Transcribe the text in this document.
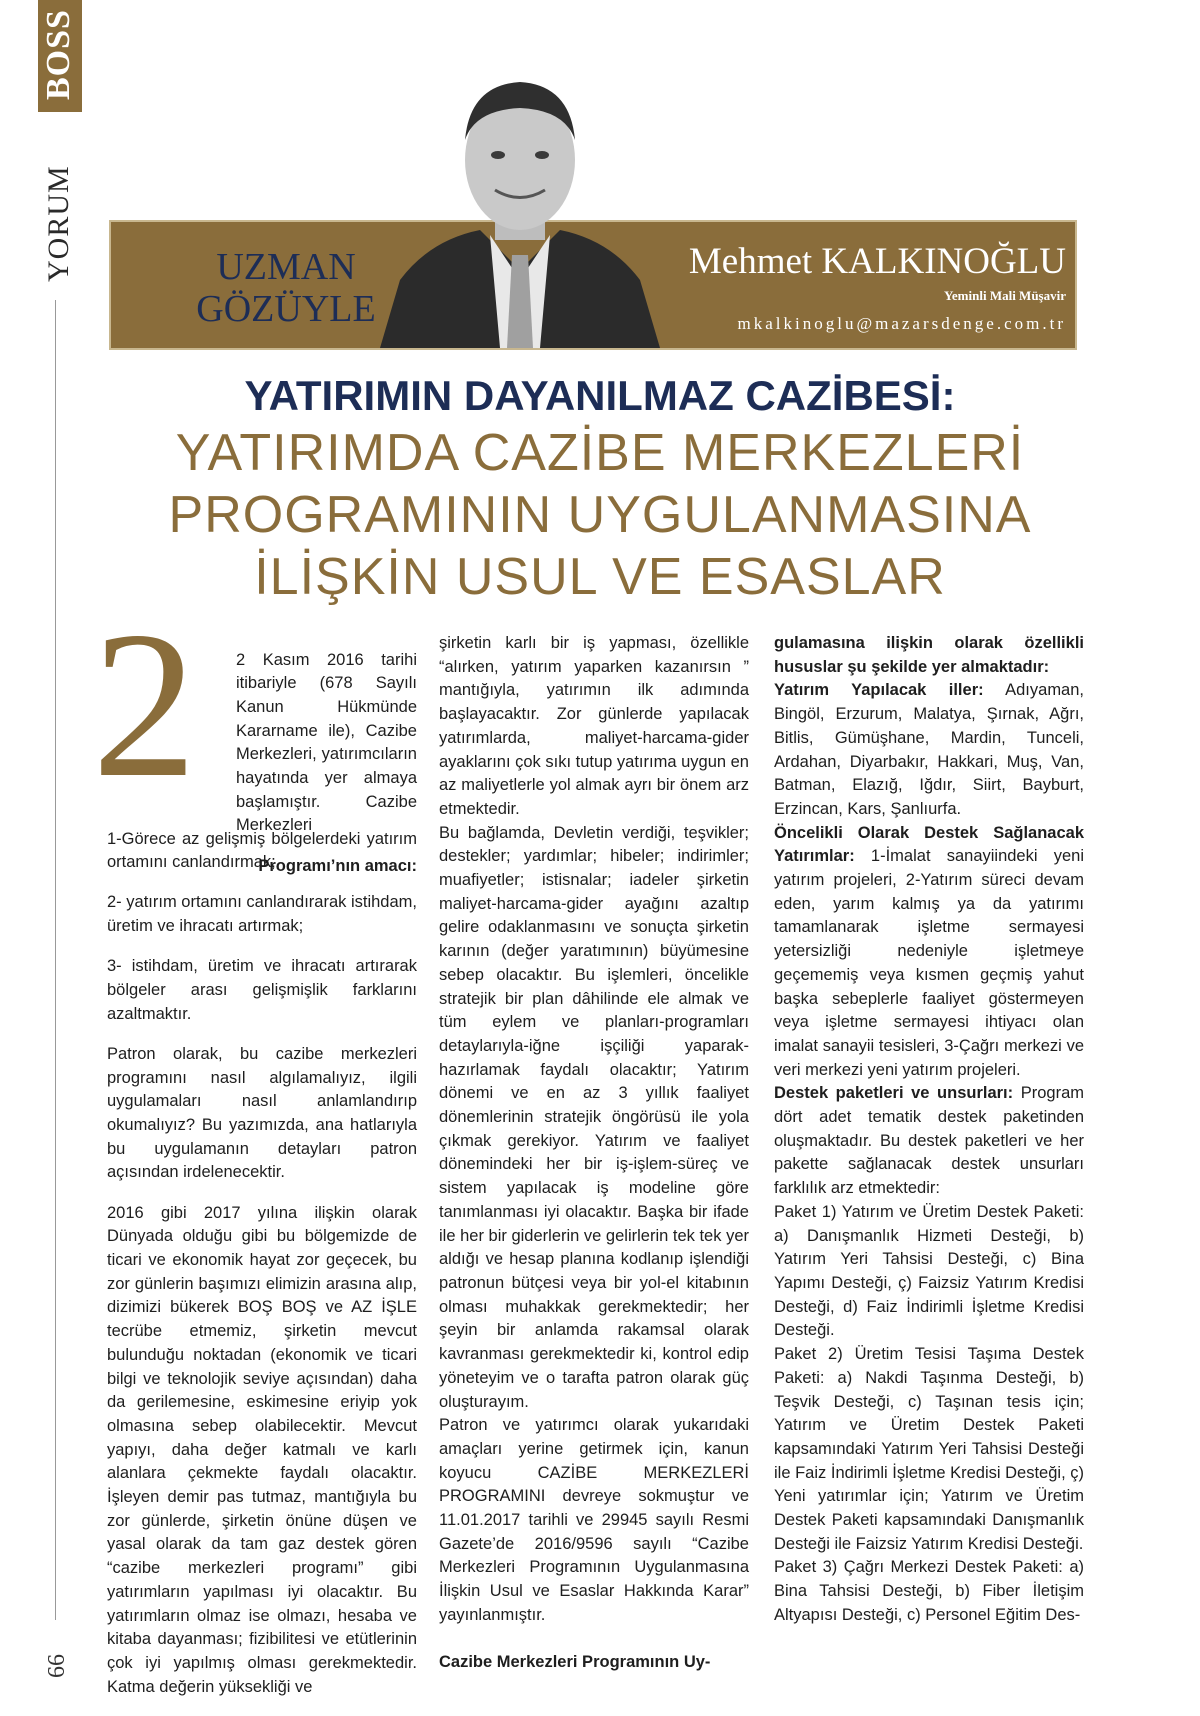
BOSS
YORUM
66
UZMAN
GÖZÜYLE
Mehmet KALKINOĞLU
Yeminli Mali Müşavir
mkalkinoglu@mazarsdenge.com.tr
YATIRIMIN DAYANILMAZ CAZİBESİ:
YATIRIMDA CAZİBE MERKEZLERİ
PROGRAMININ UYGULANMASINA
İLİŞKİN USUL VE ESASLAR
2 2 Kasım 2016 tarihi itibariyle (678 Sayılı Kanun Hükmünde Kararname ile), Cazibe Merkezleri, yatırımcıların hayatında yer almaya başlamıştır. Cazibe Merkezleri

Programı’nın amacı:

1-Görece az gelişmiş bölgelerdeki yatırım ortamını canlandırmak;

2- yatırım ortamını canlandırarak istihdam, üretim ve ihracatı artırmak;

3- istihdam, üretim ve ihracatı artırarak bölgeler arası gelişmişlik farklarını azaltmaktır.

Patron olarak, bu cazibe merkezleri programını nasıl algılamalıyız, ilgili uygulamaları nasıl anlamlandırıp okumalıyız? Bu yazımızda, ana hatlarıyla bu uygulamanın detayları patron açısından irdelenecektir.

2016 gibi 2017 yılına ilişkin olarak Dünyada olduğu gibi bu bölgemizde de ticari ve ekonomik hayat zor geçecek, bu zor günlerin başımızı elimizin arasına alıp, dizimizi bükerek BOŞ BOŞ ve AZ İŞLE tecrübe etmemiz, şirketin mevcut bulunduğu noktadan (ekonomik ve ticari bilgi ve teknolojik seviye açısından) daha da gerilemesine, eskimesine eriyip yok olmasına sebep olabilecektir. Mevcut yapıyı, daha değer katmalı ve karlı alanlara çekmekte faydalı olacaktır. İşleyen demir pas tutmaz, mantığıyla bu zor günlerde, şirketin önüne düşen ve yasal olarak da tam gaz destek gören “cazibe merkezleri programı” gibi yatırımların yapılması iyi olacaktır. Bu yatırımların olmaz ise olmazı, hesaba ve kitaba dayanması; fizibilitesi ve etütlerinin çok iyi yapılmış olması gerekmektedir. Katma değerin yüksekliği ve

şirketin karlı bir iş yapması, özellikle “alırken, yatırım yaparken kazanırsın ” mantığıyla, yatırımın ilk adımında başlayacaktır. Zor günlerde yapılacak yatırımlarda, maliyet-harcama-gider ayaklarını çok sıkı tutup yatırıma uygun en az maliyetlerle yol almak ayrı bir önem arz etmektedir.

Bu bağlamda, Devletin verdiği, teşvikler; destekler; yardımlar; hibeler; indirimler; muafiyetler; istisnalar; iadeler şirketin maliyet-harcama-gider ayağını azaltıp gelire odaklanmasını ve sonuçta şirketin karının (değer yaratımının) büyümesine sebep olacaktır. Bu işlemleri, öncelikle stratejik bir plan dâhilinde ele almak ve tüm eylem ve planları-programları detaylarıyla-iğne işçiliği yaparak- hazırlamak faydalı olacaktır; Yatırım dönemi ve en az 3 yıllık faaliyet dönemlerinin stratejik öngörüsü ile yola çıkmak gerekiyor. Yatırım ve faaliyet dönemindeki her bir iş-işlem-süreç ve sistem yapılacak iş modeline göre tanımlanması iyi olacaktır. Başka bir ifade ile her bir giderlerin ve gelirlerin tek tek yer aldığı ve hesap planına kodlanıp işlendiği patronun bütçesi veya bir yol-el kitabının olması muhakkak gerekmektedir; her şeyin bir anlamda rakamsal olarak kavranması gerekmektedir ki, kontrol edip yöneteyim ve o tarafta patron olarak güç oluşturayım.

Patron ve yatırımcı olarak yukarıdaki amaçları yerine getirmek için, kanun koyucu CAZİBE MERKEZLERİ PROGRAMINI devreye sokmuştur ve 11.01.2017 tarihli ve 29945 sayılı Resmi Gazete’de 2016/9596 sayılı “Cazibe Merkezleri Programının Uygulanmasına İlişkin Usul ve Esaslar Hakkında Karar” yayınlanmıştır.

Cazibe Merkezleri Programının Uy-

gulamasına ilişkin olarak özellikli hususlar şu şekilde yer almaktadır:

Yatırım Yapılacak iller: Adıyaman, Bingöl, Erzurum, Malatya, Şırnak, Ağrı, Bitlis, Gümüşhane, Mardin, Tunceli, Ardahan, Diyarbakır, Hakkari, Muş, Van, Batman, Elazığ, Iğdır, Siirt, Bayburt, Erzincan, Kars, Şanlıurfa.

Öncelikli Olarak Destek Sağlanacak Yatırımlar: 1-İmalat sanayiindeki yeni yatırım projeleri, 2-Yatırım süreci devam eden, yarım kalmış ya da yatırımı tamamlanarak işletme sermayesi yetersizliği nedeniyle işletmeye geçememiş veya kısmen geçmiş yahut başka sebeplerle faaliyet göstermeyen veya işletme sermayesi ihtiyacı olan imalat sanayii tesisleri, 3-Çağrı merkezi ve veri merkezi yeni yatırım projeleri.

Destek paketleri ve unsurları: Program dört adet tematik destek paketinden oluşmaktadır. Bu destek paketleri ve her pakette sağlanacak destek unsurları farklılık arz etmektedir:

Paket 1) Yatırım ve Üretim Destek Paketi: a) Danışmanlık Hizmeti Desteği, b) Yatırım Yeri Tahsisi Desteği, c) Bina Yapımı Desteği, ç) Faizsiz Yatırım Kredisi Desteği, d) Faiz İndirimli İşletme Kredisi Desteği.

Paket 2) Üretim Tesisi Taşıma Destek Paketi: a) Nakdi Taşınma Desteği, b) Teşvik Desteği, c) Taşınan tesis için; Yatırım ve Üretim Destek Paketi kapsamındaki Yatırım Yeri Tahsisi Desteği ile Faiz İndirimli İşletme Kredisi Desteği, ç) Yeni yatırımlar için; Yatırım ve Üretim Destek Paketi kapsamındaki Danışmanlık Desteği ile Faizsiz Yatırım Kredisi Desteği.

Paket 3) Çağrı Merkezi Destek Paketi: a) Bina Tahsisi Desteği, b) Fiber İletişim Altyapısı Desteği, c) Personel Eğitim Des-
